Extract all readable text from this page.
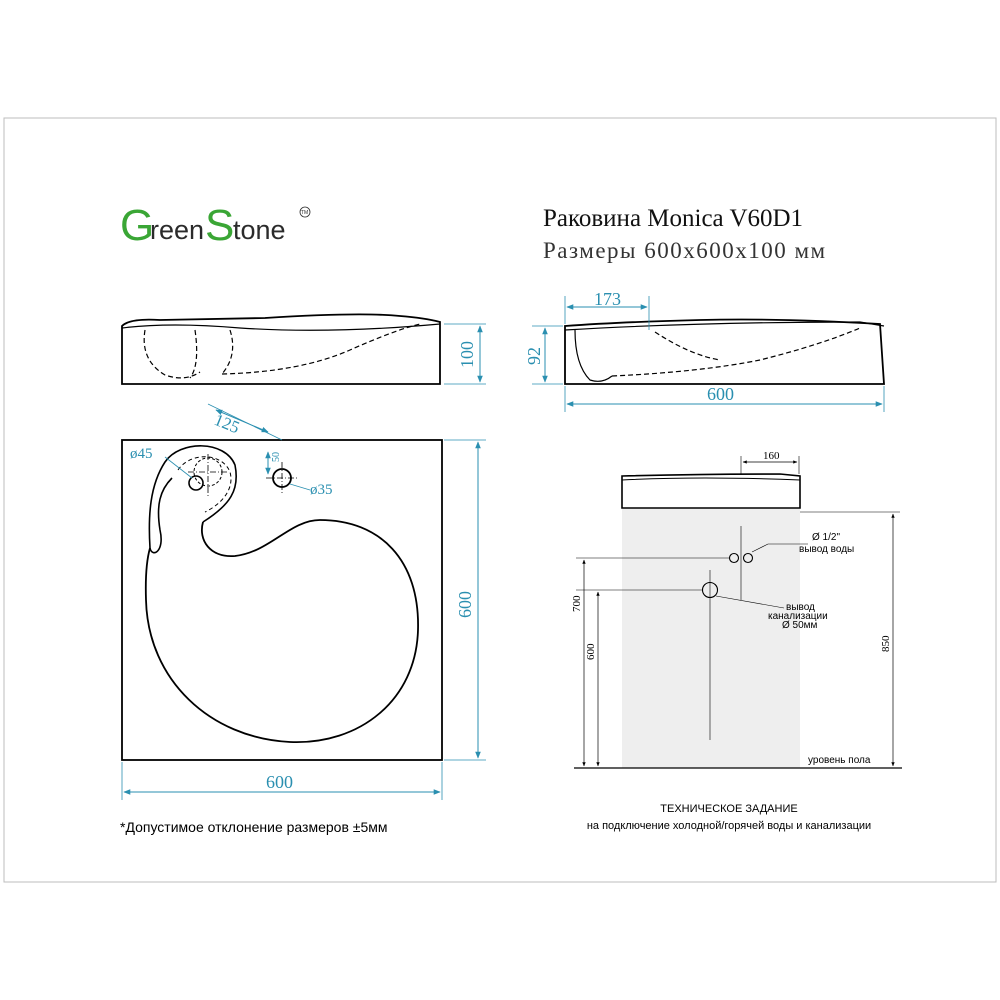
G
reen S
tone
TM	Раковина Monica V60D1
Размеры 600х600х100 мм
100
173
92
600
125
ø45	50
ø35
600
600
160
700
600	850
уровень пола
Ø 1/2"
вывод воды
вывод
канализации
Ø 50мм
*Допустимое отклонение размеров ±5мм
ТЕХНИЧЕСКОЕ ЗАДАНИЕ
на подключение холодной/горячей воды и канализации
